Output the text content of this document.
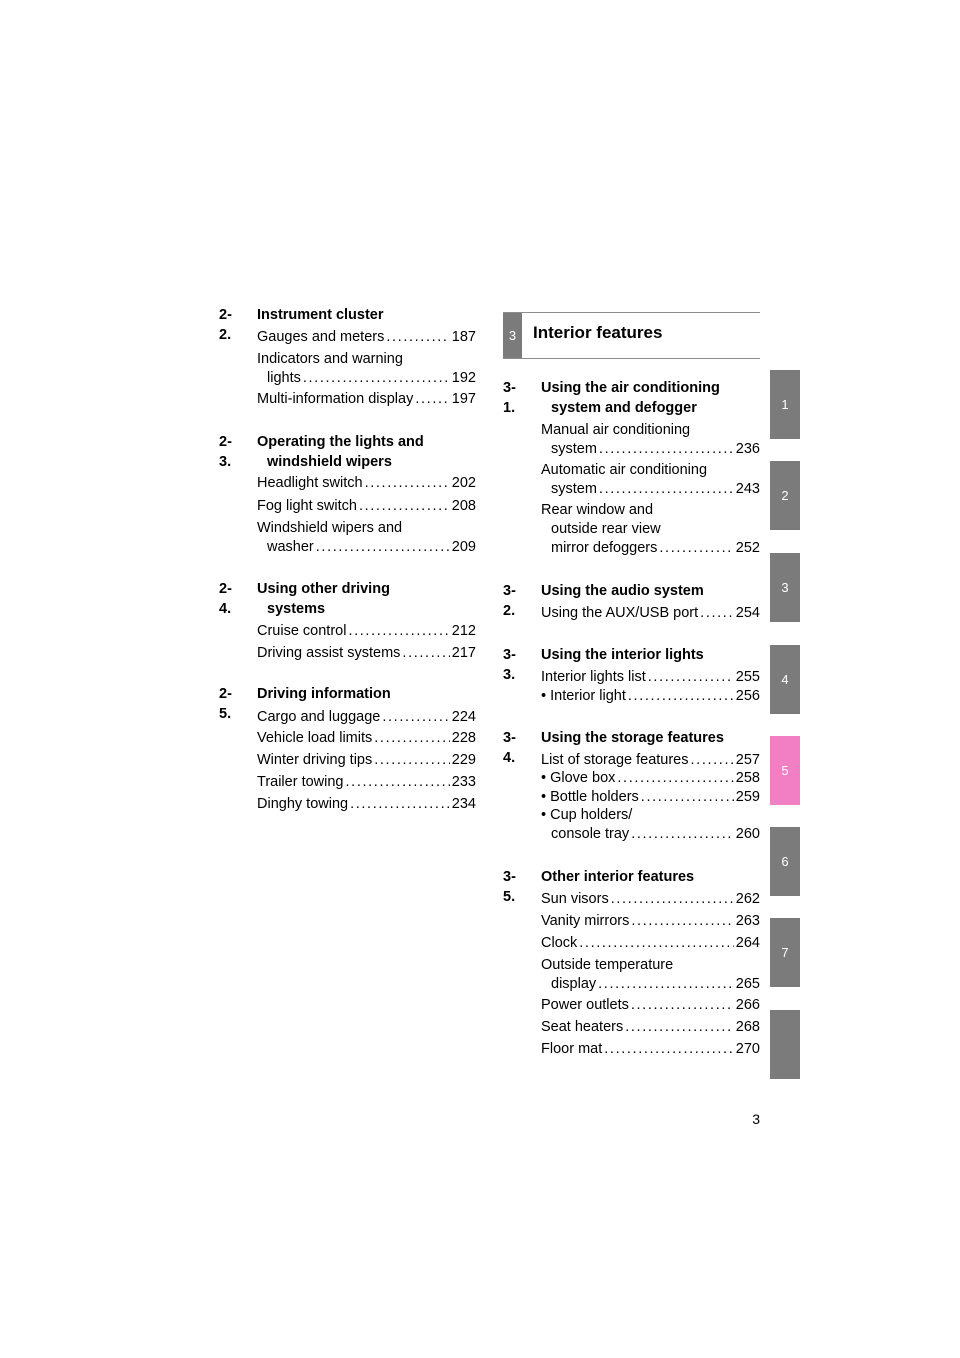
2-2.
Instrument cluster
Gauges and meters . . .	187
Indicators and warning
lights . . .	192
Multi-information display . . .	197
2-3.
Operating the lights and
windshield wipers
Headlight switch . . .	202
Fog light switch . . .	208
Windshield wipers and
washer . . .	209
2-4.
Using other driving
systems
Cruise control . . .	212
Driving assist systems . . .	217
2-5.
Driving information
Cargo and luggage . . .	224
Vehicle load limits . . .	228
Winter driving tips . . .	229
Trailer towing . . .	233
Dinghy towing . . .	234
3 Interior features
3-1.
Using the air conditioning
system and defogger
Manual air conditioning
system . . .	236
Automatic air conditioning
system . . .	243
Rear window and
outside rear view
mirror defoggers . . .	252
3-2.
Using the audio system
Using the AUX/USB port . . .	254
3-3.
Using the interior lights
Interior lights list . . .	255
• Interior light . . .	256
3-4.
Using the storage features
List of storage features . . .	257
• Glove box . . .	258
• Bottle holders . . .	259
• Cup holders/
console tray . . .	260
3-5.
Other interior features
Sun visors . . .	262
Vanity mirrors . . .	263
Clock . . .	264
Outside temperature
display . . .	265
Power outlets . . .	266
Seat heaters . . .	268
Floor mat . . .	270
1
2
3
4
5
6
7
3
